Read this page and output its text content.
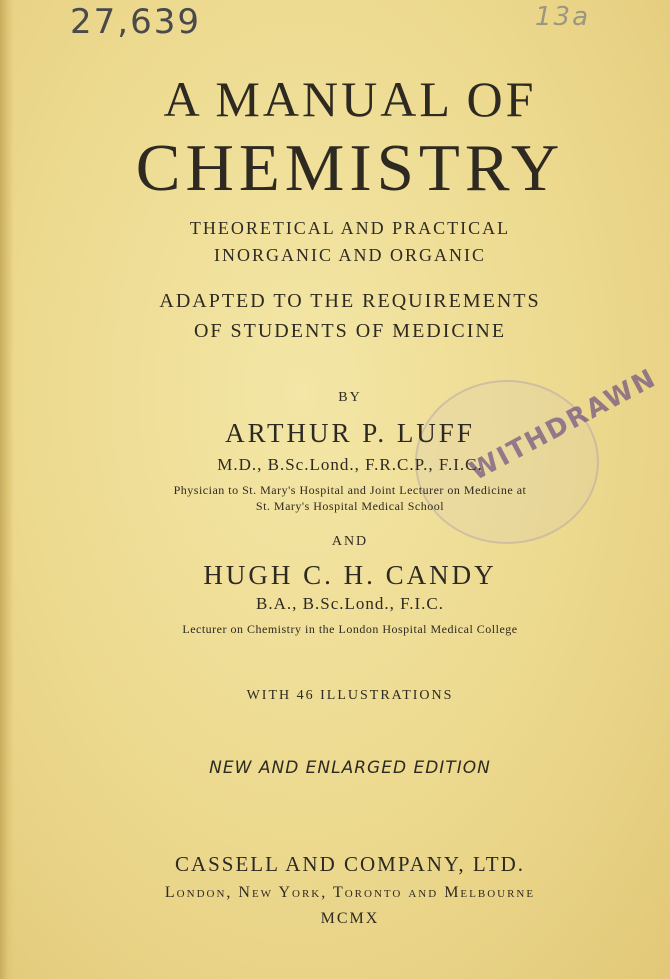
27,639	13a
WITHDRAWN
A MANUAL OF
CHEMISTRY
THEORETICAL AND PRACTICAL
INORGANIC AND ORGANIC
ADAPTED TO THE REQUIREMENTS
OF STUDENTS OF MEDICINE
BY
ARTHUR P. LUFF
M.D., B.Sc.Lond., F.R.C.P., F.I.C.
Physician to St. Mary's Hospital and Joint Lecturer on Medicine at
St. Mary's Hospital Medical School
AND
HUGH C. H. CANDY
B.A., B.Sc.Lond., F.I.C.
Lecturer on Chemistry in the London Hospital Medical College
WITH 46 ILLUSTRATIONS
NEW AND ENLARGED EDITION
CASSELL AND COMPANY, LTD.
London, New York, Toronto and Melbourne
MCMX
